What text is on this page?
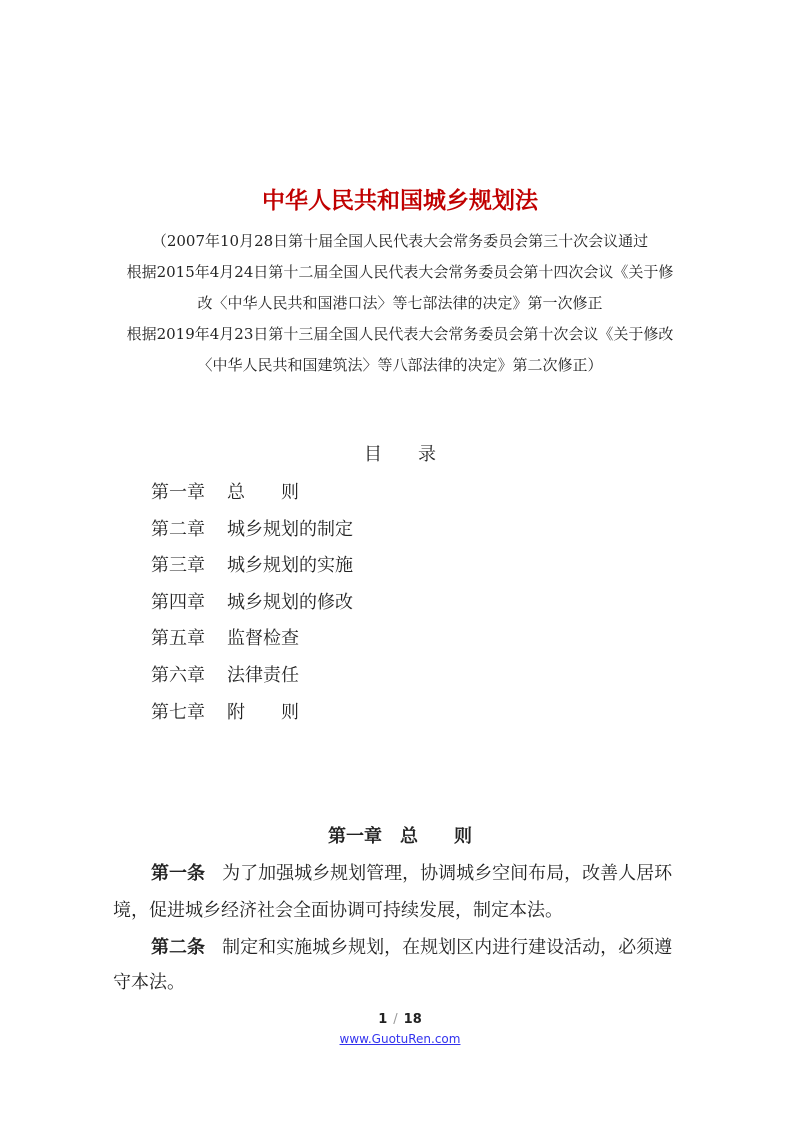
中华人民共和国城乡规划法
（2007年10月28日第十届全国人民代表大会常务委员会第三十次会议通过
根据2015年4月24日第十二届全国人民代表大会常务委员会第十四次会议《关于修
改〈中华人民共和国港口法〉等七部法律的决定》第一次修正
根据2019年4月23日第十三届全国人民代表大会常务委员会第十次会议《关于修改
〈中华人民共和国建筑法〉等八部法律的决定》第二次修正）
目　　录
第一章 总　　则
第二章 城乡规划的制定
第三章 城乡规划的实施
第四章 城乡规划的修改
第五章 监督检查
第六章 法律责任
第七章 附　　则
第一章　总　　则
第一条 为了加强城乡规划管理，协调城乡空间布局，改善人居环
境，促进城乡经济社会全面协调可持续发展，制定本法。
第二条 制定和实施城乡规划，在规划区内进行建设活动，必须遵
守本法。
1 / 18
www.GuotuRen.com
